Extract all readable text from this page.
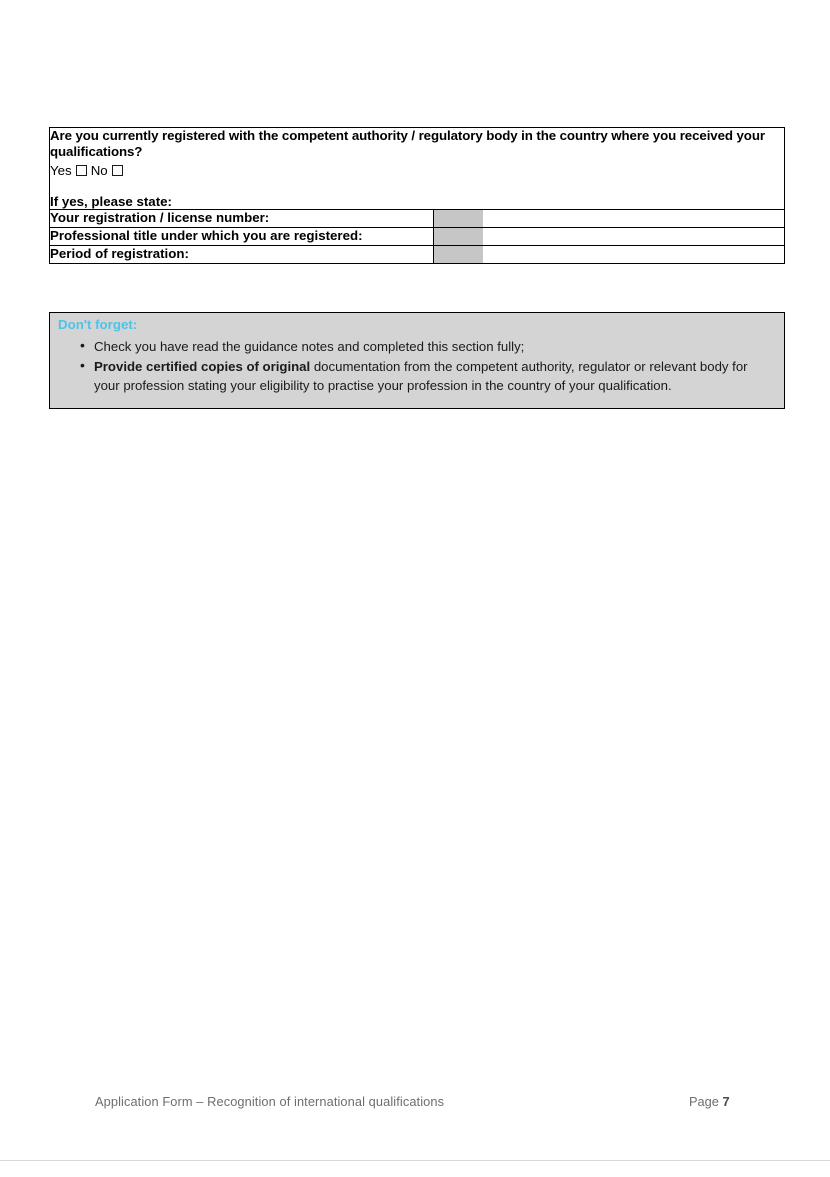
Are you currently registered with the competent authority / regulatory body in the country where you received your qualifications?
Yes No
If yes, please state:	

Your registration / license number:	

Professional title under which you are registered:	

Period of registration:	
Don't forget:
• Check you have read the guidance notes and completed this section fully;
• Provide certified copies of original documentation from the competent authority, regulator or relevant body for your profession stating your eligibility to practise your profession in the country of your qualification.
Application Form – Recognition of international qualifications	Page 7
